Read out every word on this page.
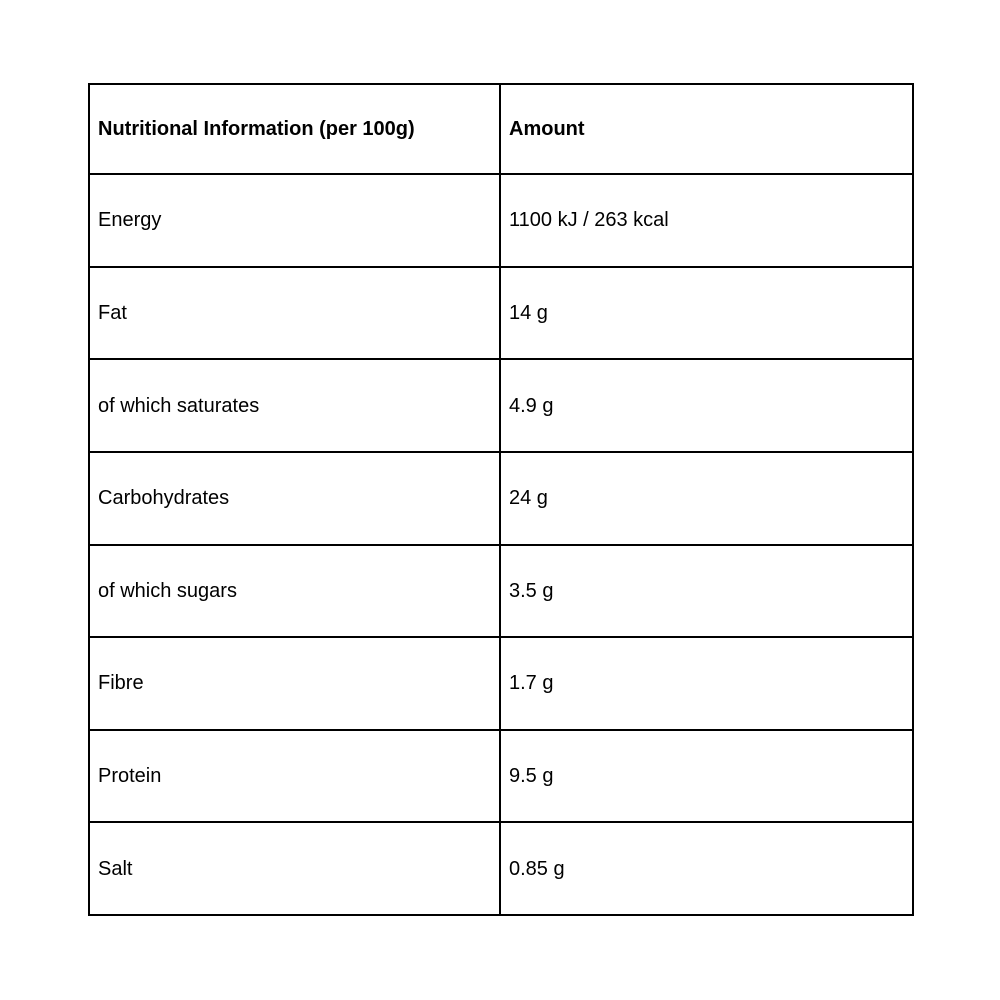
Nutritional Information (per 100g)	Amount
Energy	1100 kJ / 263 kcal
Fat	14 g
of which saturates	4.9 g
Carbohydrates	24 g
of which sugars	3.5 g
Fibre	1.7 g
Protein	9.5 g
Salt	0.85 g
